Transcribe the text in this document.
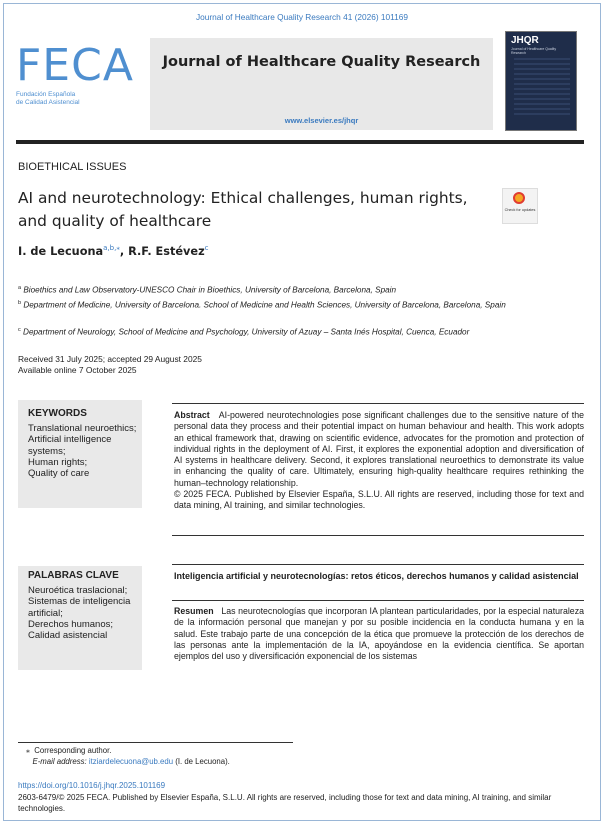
Journal of Healthcare Quality Research 41 (2026) 101169
FECA
Fundación Española
de Calidad Asistencial
Journal of Healthcare Quality Research
www.elsevier.es/jhqr
JHQR
Journal of Healthcare Quality Research
BIOETHICAL ISSUES
AI and neurotechnology: Ethical challenges, human rights, and quality of healthcare
Check for updates
I. de Lecuona$^{a,b,⁎}$, R.F. Estévez$^c$
$^a$ Bioethics and Law Observatory-UNESCO Chair in Bioethics, University of Barcelona, Barcelona, Spain
$^b$ Department of Medicine, University of Barcelona. School of Medicine and Health Sciences, University of Barcelona, Barcelona, Spain
$^c$ Department of Neurology, School of Medicine and Psychology, University of Azuay – Santa Inés Hospital, Cuenca, Ecuador
Received 31 July 2025; accepted 29 August 2025
Available online 7 October 2025
KEYWORDS
Translational neuroethics;
Artificial intelligence systems;
Human rights;
Quality of care
Abstract AI-powered neurotechnologies pose significant challenges due to the sensitive nature of the personal data they process and their potential impact on human behaviour and health. This work adopts an ethical framework that, drawing on scientific evidence, advocates for the promotion and protection of individual rights in the deployment of AI. First, it explores the exponential adoption and diversification of AI systems in healthcare delivery. Second, it explores translational neuroethics to demonstrate its value in enhancing the quality of care. Ultimately, ensuring high-quality healthcare requires rethinking the human–technology relationship.
© 2025 FECA. Published by Elsevier España, S.L.U. All rights are reserved, including those for text and data mining, AI training, and similar technologies.
PALABRAS CLAVE
Neuroética traslacional;
Sistemas de inteligencia artificial;
Derechos humanos;
Calidad asistencial
Inteligencia artificial y neurotecnologías: retos éticos, derechos humanos y calidad asistencial
Resumen Las neurotecnologías que incorporan IA plantean particularidades, por la especial naturaleza de la información personal que manejan y por su posible incidencia en la conducta humana y en la salud. Este trabajo parte de una concepción de la ética que promueve la protección de los derechos de las personas ante la implementación de la IA, apoyándose en la evidencia científica. Se aportan ejemplos del uso y diversificación exponencial de los sistemas
⁎ Corresponding author.
E-mail address: itziardelecuona@ub.edu (I. de Lecuona).
https://doi.org/10.1016/j.jhqr.2025.101169
2603-6479/© 2025 FECA. Published by Elsevier España, S.L.U. All rights are reserved, including those for text and data mining, AI training, and similar technologies.
